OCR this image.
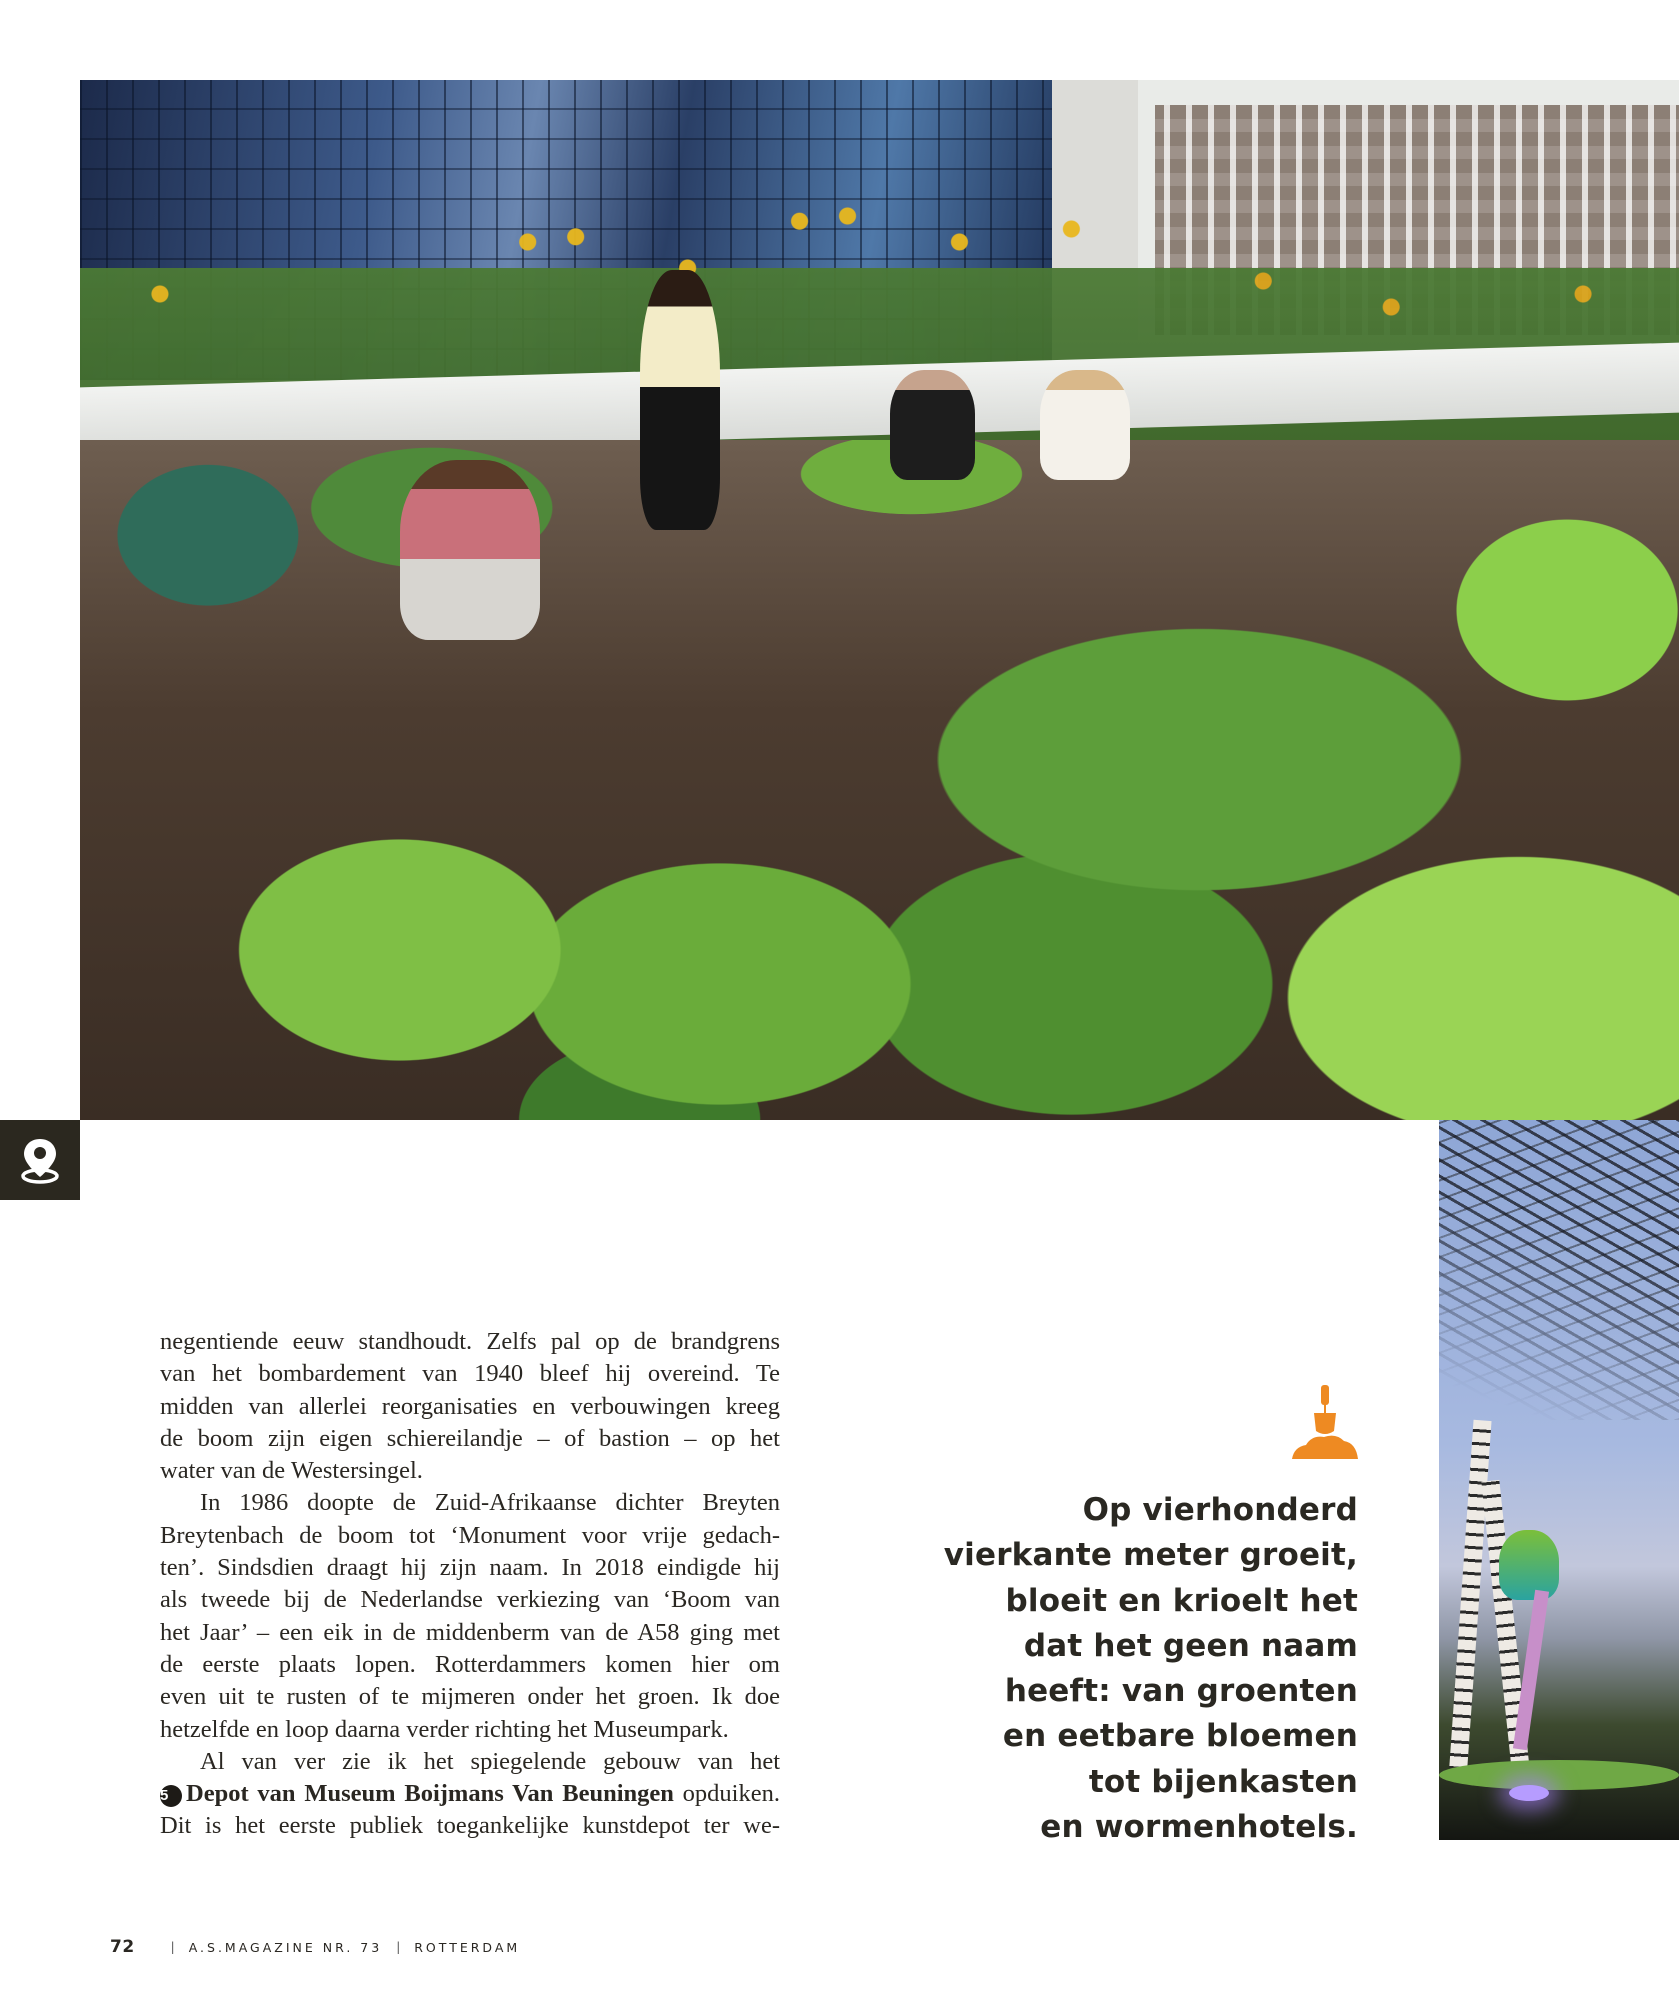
negentiende eeuw standhoudt. Zelfs pal op de brandgrens
van het bombardement van 1940 bleef hij overeind. Te
midden van allerlei reorganisaties en verbouwingen kreeg
de boom zijn eigen schiereilandje – of bastion – op het
water van de Westersingel.
In 1986 doopte de Zuid-Afrikaanse dichter Breyten
Breytenbach de boom tot ‘Monument voor vrije gedach-
ten’. Sindsdien draagt hij zijn naam. In 2018 eindigde hij
als tweede bij de Nederlandse verkiezing van ‘Boom van
het Jaar’ – een eik in de middenberm van de A58 ging met
de eerste plaats lopen. Rotterdammers komen hier om
even uit te rusten of te mijmeren onder het groen. Ik doe
hetzelfde en loop daarna verder richting het Museumpark.
Al van ver zie ik het spiegelende gebouw van het
5 Depot van Museum Boijmans Van Beuningen opduiken.
Dit is het eerste publiek toegankelijke kunstdepot ter we-
Op vierhonderd
vierkante meter groeit,
bloeit en krioelt het
dat het geen naam
heeft: van groenten
en eetbare bloemen
tot bijenkasten
en wormenhotels.
72	| A.S.MAGAZINE NR. 73 | ROTTERDAM
